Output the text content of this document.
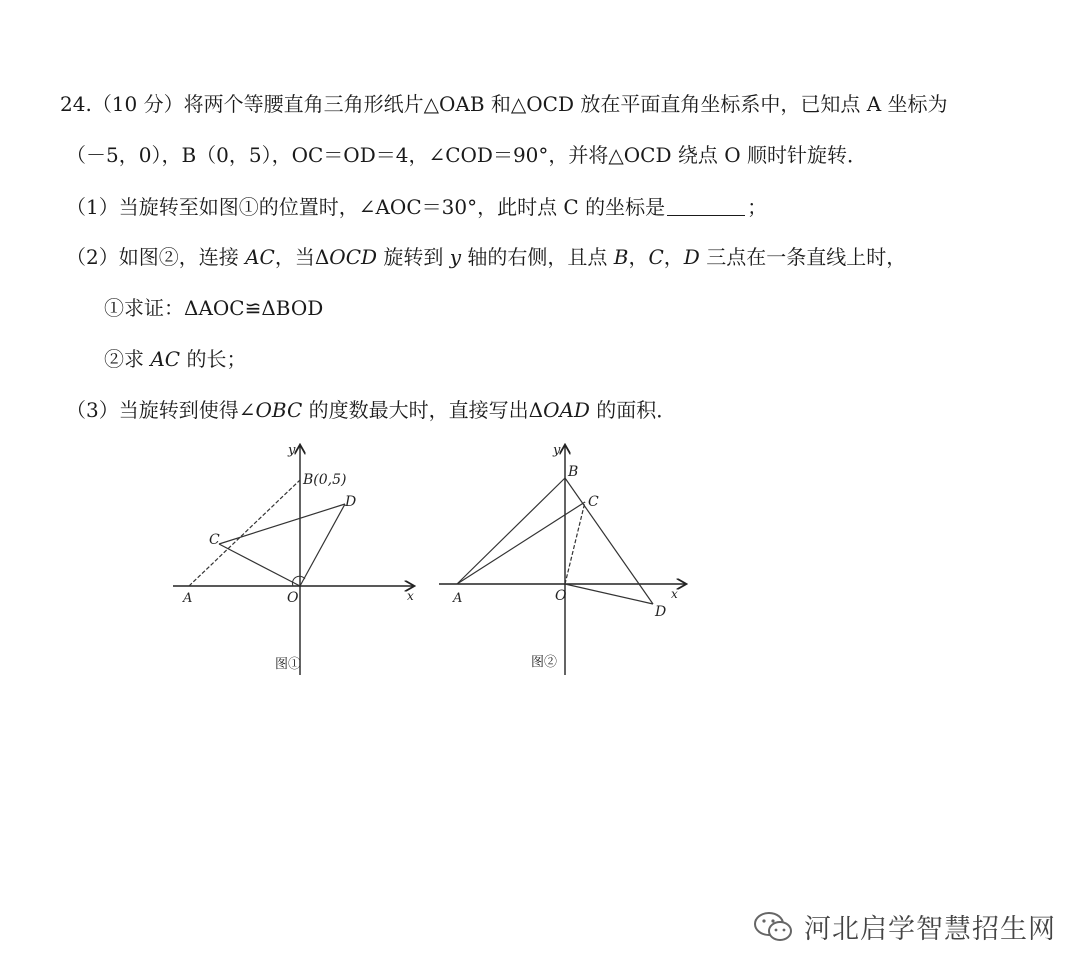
24.（10 分）将两个等腰直角三角形纸片△OAB 和△OCD 放在平面直角坐标系中，已知点 A 坐标为
（－5，0），B（0，5），OC＝OD＝4，∠COD＝90°，并将△OCD 绕点 O 顺时针旋转．
（1）当旋转至如图①的位置时，∠AOC＝30°，此时点 C 的坐标是	；
（2）如图②，连接 AC，当ΔOCD 旋转到 y 轴的右侧，且点 B，C，D 三点在一条直线上时，
①求证：ΔAOC≌ΔBOD
②求 AC 的长；
（3）当旋转到使得∠OBC 的度数最大时，直接写出ΔOAD 的面积．
y
x
B(0,5)
C
D
O
A
图①
y
x
B
C
D
O
A
图②
河北启学智慧招生网
